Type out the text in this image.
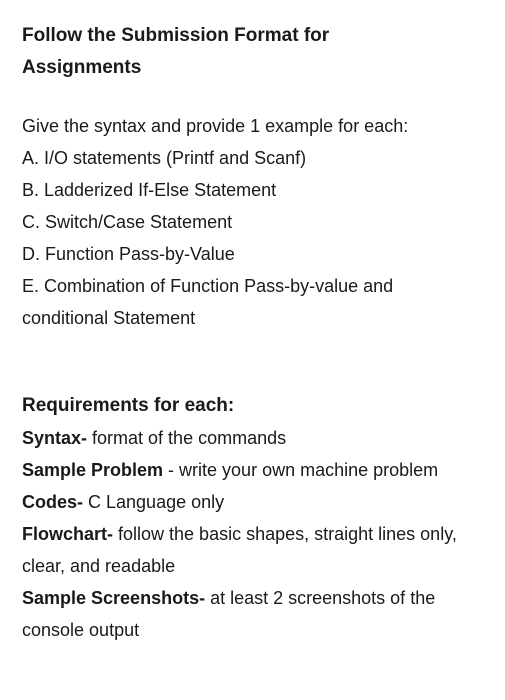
Follow the Submission Format for Assignments
Give the syntax and provide 1 example for each:
A. I/O statements (Printf and Scanf)
B. Ladderized If-Else Statement
C. Switch/Case Statement
D. Function Pass-by-Value
E. Combination of Function Pass-by-value and conditional Statement
Requirements for each:
Syntax- format of the commands
Sample Problem - write your own machine problem
Codes- C Language only
Flowchart- follow the basic shapes, straight lines only, clear, and readable
Sample Screenshots- at least 2 screenshots of the console output
